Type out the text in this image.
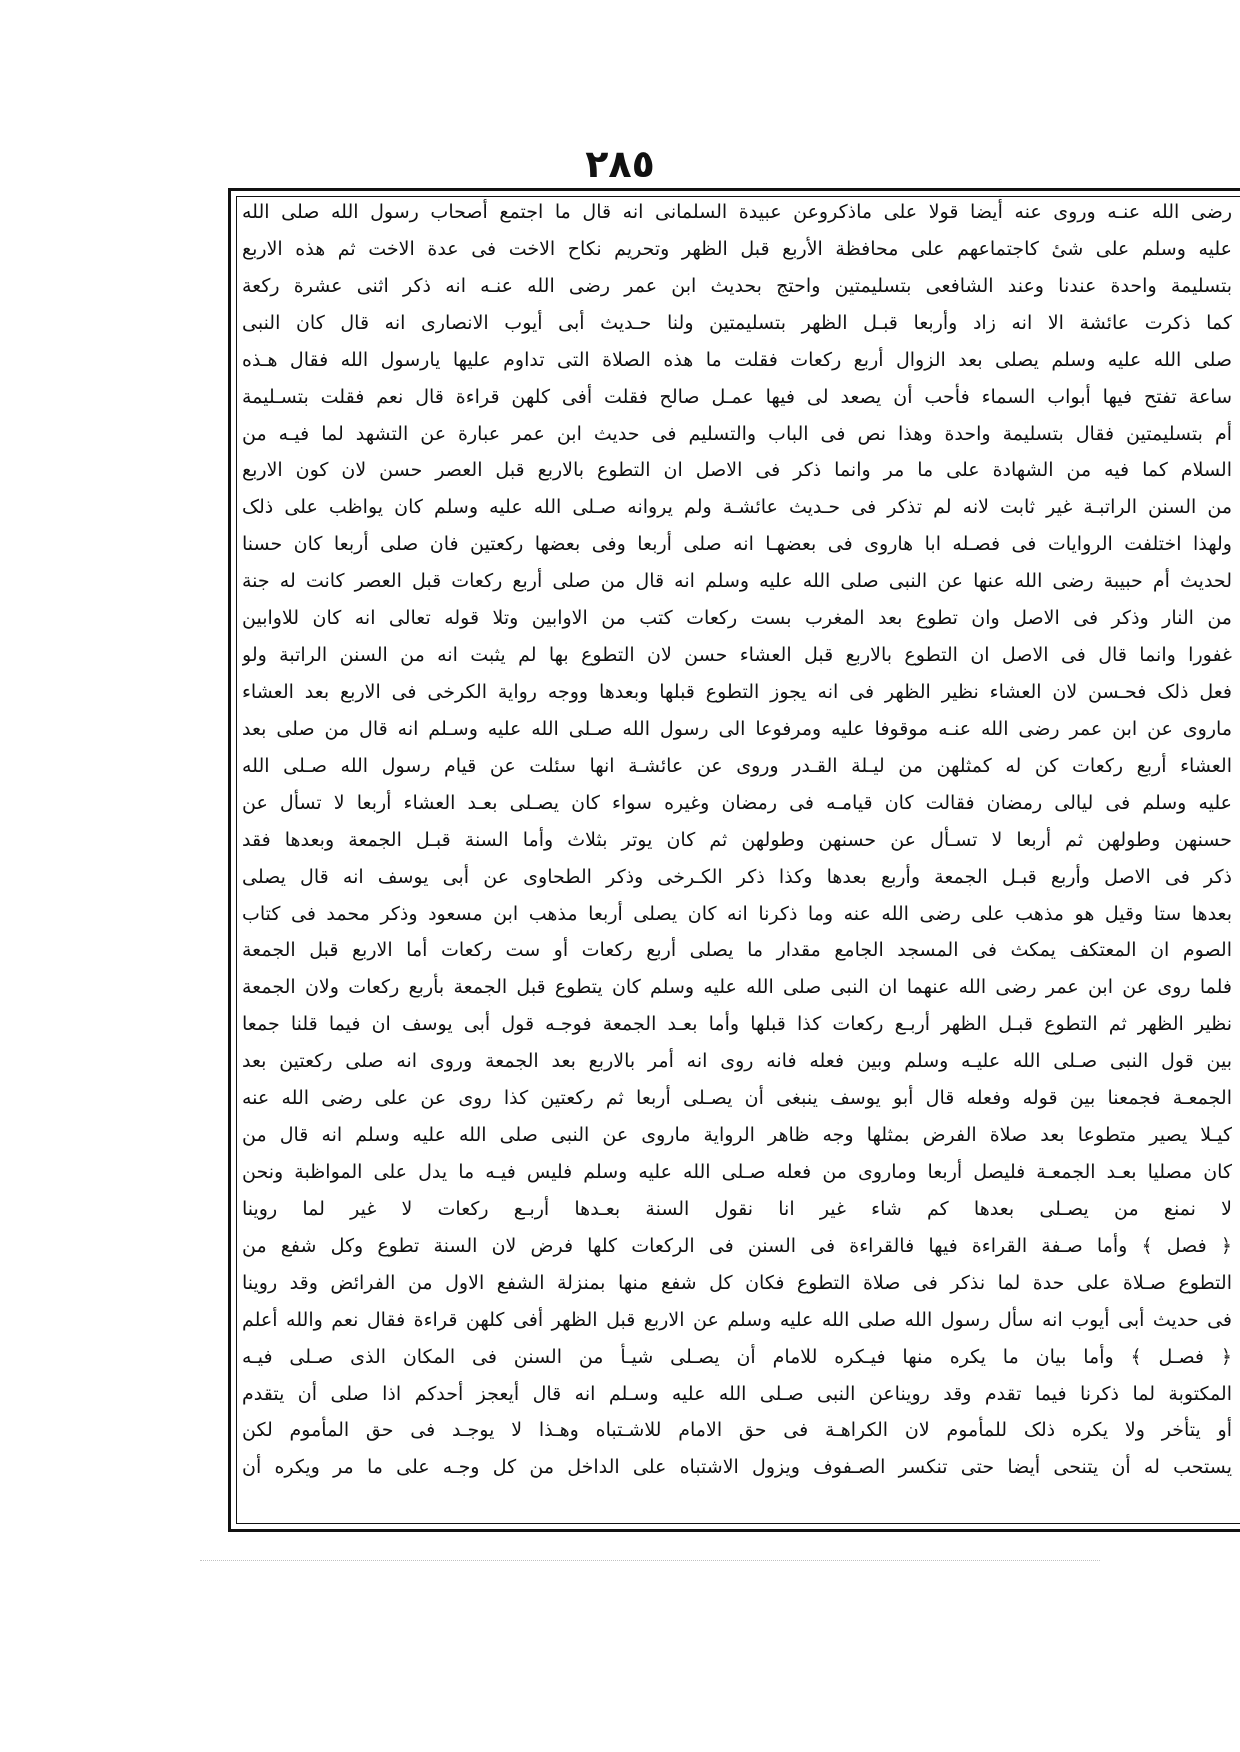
٢٨٥
رضی الله عنـه وروی عنه أیضا قولا علی ماذکروعن عبیدة السلمانی انه قال ما اجتمع أصحاب رسول الله صلی الله
علیه وسلم علی شیٔ کاجتماعهم علی محافظة الأربع قبل الظهر وتحریم نکاح الاخت فی عدة الاخت ثم هذه الاربع
بتسلیمة واحدة عندنا وعند الشافعی بتسلیمتین واحتج بحدیث ابن عمر رضی الله عنـه انه ذکر اثنی عشرة رکعة
کما ذکرت عائشة الا انه زاد وأربعا قبـل الظهر بتسلیمتین ولنا حـدیث أبی أیوب الانصاری انه قال کان النبی
صلی الله علیه وسلم یصلی بعد الزوال أربع رکعات فقلت ما هذه الصلاة التی تداوم علیها یارسول الله فقال هـذه
ساعة تفتح فیها أبواب السماء فأحب أن یصعد لی فیها عمـل صالح فقلت أفی کلهن قراءة قال نعم فقلت بتسـلیمة
أم بتسلیمتین فقال بتسلیمة واحدة وهذا نص فی الباب والتسلیم فی حدیث ابن عمر عبارة عن التشهد لما فیـه من
السلام کما فیه من الشهادة علی ما مر وانما ذکر فی الاصل ان التطوع بالاربع قبل العصر حسن لان کون الاربع
من السنن الراتبـة غیر ثابت لانه لم تذکر فی حـدیث عائشـة ولم یروانه صـلی الله علیه وسلم کان یواظب علی ذلک
ولهذا اختلفت الروایات فی فصـله ابا هاروی فی بعضهـا انه صلی أربعا وفی بعضها رکعتین فان صلی أربعا کان حسنا
لحدیث أم حبیبة رضی الله عنها عن النبی صلی الله علیه وسلم انه قال من صلی أربع رکعات قبل العصر کانت له جنة
من النار وذکر فی الاصل وان تطوع بعد المغرب بست رکعات کتب من الاوابین وتلا قوله تعالی انه کان للاوابین
غفورا وانما قال فی الاصل ان التطوع بالاربع قبل العشاء حسن لان التطوع بها لم یثبت انه من السنن الراتبة ولو
فعل ذلک فحـسن لان العشاء نظیر الظهر فی انه یجوز التطوع قبلها وبعدها ووجه روایة الکرخی فی الاربع بعد العشاء
ماروی عن ابن عمر رضی الله عنـه موقوفا علیه ومرفوعا الی رسول الله صـلی الله علیه وسـلم انه قال من صلی بعد
العشاء أربع رکعات کن له کمثلهن من لیـلة القـدر وروی عن عائشـة انها سئلت عن قیام رسول الله صـلی الله
علیه وسلم فی لیالی رمضان فقالت کان قیامـه فی رمضان وغیره سواء کان یصـلی بعـد العشاء أربعا لا تسأل عن
حسنهن وطولهن ثم أربعا لا تسـأل عن حسنهن وطولهن ثم کان یوتر بثلاث وأما السنة قبـل الجمعة وبعدها فقد
ذکر فی الاصل وأربع قبـل الجمعة وأربع بعدها وکذا ذکر الکـرخی وذکر الطحاوی عن أبی یوسف انه قال یصلی
بعدها ستا وقیل هو مذهب علی رضی الله عنه وما ذکرنا انه کان یصلی أربعا مذهب ابن مسعود وذکر محمد فی کتاب
الصوم ان المعتکف یمکث فی المسجد الجامع مقدار ما یصلی أربع رکعات أو ست رکعات أما الاربع قبل الجمعة
فلما روی عن ابن عمر رضی الله عنهما ان النبی صلی الله علیه وسلم کان یتطوع قبل الجمعة بأربع رکعات ولان الجمعة
نظیر الظهر ثم التطوع قبـل الظهر أربـع رکعات کذا قبلها وأما بعـد الجمعة فوجـه قول أبی یوسف ان فیما قلنا جمعا
بین قول النبی صـلی الله علیـه وسلم وبین فعله فانه روی انه أمر بالاربع بعد الجمعة وروی انه صلی رکعتین بعد
الجمعـة فجمعنا بین قوله وفعله قال أبو یوسف ینبغی أن یصـلی أربعا ثم رکعتین کذا روی عن علی رضی الله عنه
کیـلا یصیر متطوعا بعد صلاة الفرض بمثلها وجه ظاهر الروایة ماروی عن النبی صلی الله علیه وسلم انه قال من
کان مصلیا بعـد الجمعـة فلیصل أربعا وماروی من فعله صـلی الله علیه وسلم فلیس فیـه ما یدل علی المواظبة ونحن
لا نمنع من یصـلی بعدها کم شاء غیر انا نقول السنة بعـدها أربـع رکعات لا غیر لما روینا
﴿ فصل ﴾ وأما صـفة القراءة فیها فالقراءة فی السنن فی الرکعات کلها فرض لان السنة تطوع وکل شفع من
التطوع صـلاة علی حدة لما نذکر فی صلاة التطوع فکان کل شفع منها بمنزلة الشفع الاول من الفرائض وقد روینا
فی حدیث أبی أیوب انه سأل رسول الله صلی الله علیه وسلم عن الاربع قبل الظهر أفی کلهن قراءة فقال نعم والله أعلم
﴿ فصـل ﴾ وأما بیان ما یکره منها فیـکره للامام أن یصـلی شیـأ من السنن فی المکان الذی صـلی فیـه
المکتوبة لما ذکرنا فیما تقدم وقد رویناعن النبی صـلی الله علیه وسـلم انه قال أیعجز أحدکم اذا صلی أن یتقدم
أو یتأخر ولا یکره ذلک للمأموم لان الکراهـة فی حق الامام للاشـتباه وهـذا لا یوجـد فی حق المأموم لکن
یستحب له أن یتنحی أیضا حتی تنکسر الصـفوف ویزول الاشتباه علی الداخل من کل وجـه علی ما مر ویکره أن
